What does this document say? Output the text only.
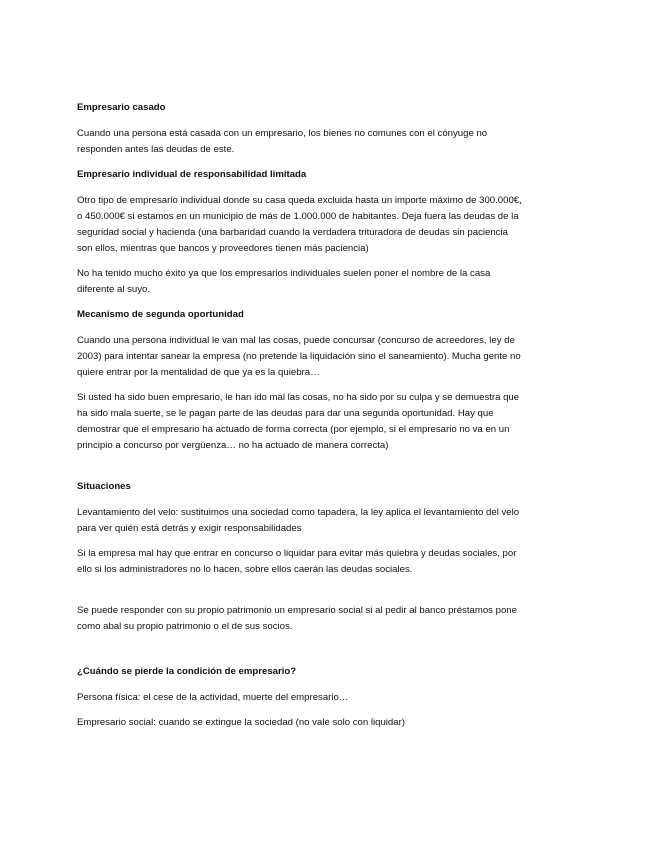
Empresario casado
Cuando una persona está casada con un empresario, los bienes no comunes con el cónyuge no
responden antes las deudas de este.
Empresario individual de responsabilidad limitada
Otro tipo de empresario individual donde su casa queda excluida hasta un importe máximo de 300.000€,
o 450.000€ si estamos en un municipio de más de 1.000.000 de habitantes. Deja fuera las deudas de la
seguridad social y hacienda (una barbaridad cuando la verdadera trituradora de deudas sin paciencia
son ellos, mientras que bancos y proveedores tienen más paciencia)
No ha tenido mucho éxito ya que los empresarios individuales suelen poner el nombre de la casa
diferente al suyo.
Mecanismo de segunda oportunidad
Cuando una persona individual le van mal las cosas, puede concursar (concurso de acreedores, ley de
2003) para intentar sanear la empresa (no pretende la liquidación sino el saneamiento). Mucha gente no
quiere entrar por la mentalidad de que ya es la quiebra…
Si usted ha sido buen empresario, le han ido mal las cosas, no ha sido por su culpa y se demuestra que
ha sido mala suerte, se le pagan parte de las deudas para dar una segunda oportunidad. Hay que
demostrar que el empresario ha actuado de forma correcta (por ejemplo, si el empresario no va en un
principio a concurso por vergüenza… no ha actuado de manera correcta)
Situaciones
Levantamiento del velo: sustituimos una sociedad como tapadera, la ley aplica el levantamiento del velo
para ver quién está detrás y exigir responsabilidades
Si la empresa mal hay que entrar en concurso o liquidar para evitar más quiebra y deudas sociales, por
ello si los administradores no lo hacen, sobre ellos caerán las deudas sociales.
Se puede responder con su propio patrimonio un empresario social si al pedir al banco préstamos pone
como abal su propio patrimonio o el de sus socios.
¿Cuándo se pierde la condición de empresario?
Persona física: el cese de la actividad, muerte del empresario…
Empresario social: cuando se extingue la sociedad (no vale solo con liquidar)
